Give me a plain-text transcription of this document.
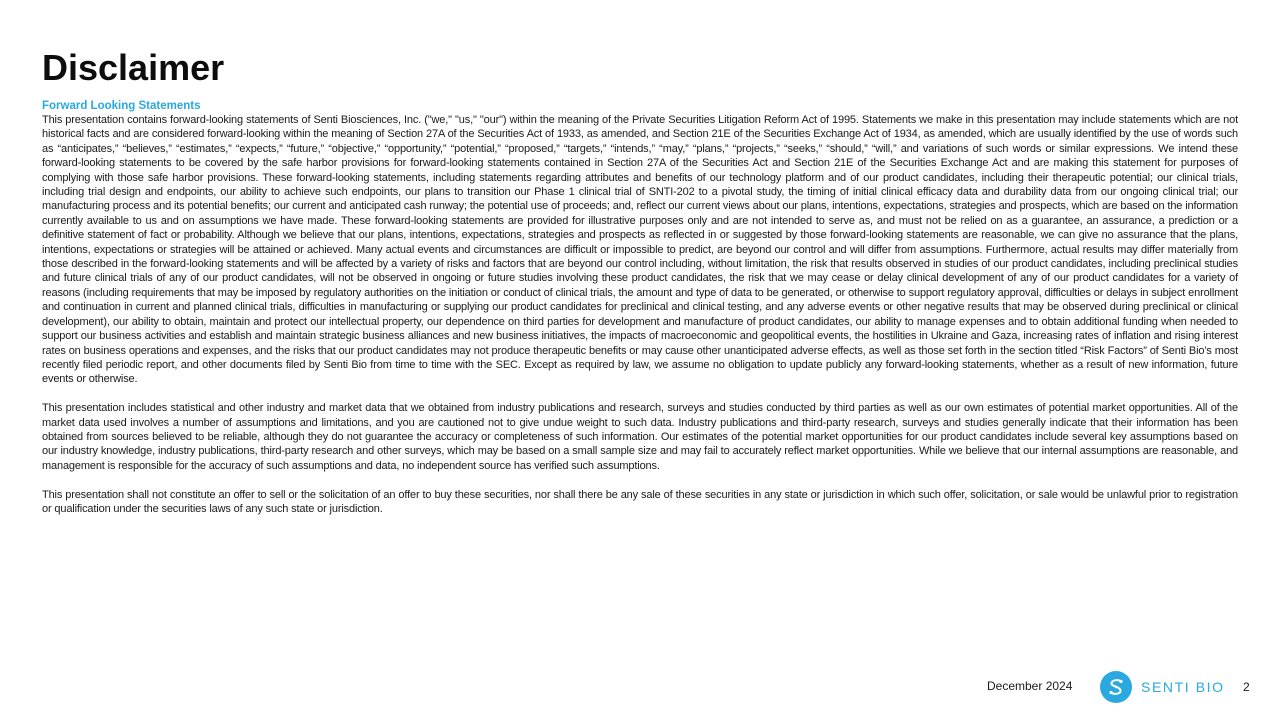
Disclaimer
Forward Looking Statements

This presentation contains forward-looking statements of Senti Biosciences, Inc. ("we," "us," "our") within the meaning of the Private Securities Litigation Reform Act of 1995. Statements we make in this presentation may include statements which are not historical facts and are considered forward-looking within the meaning of Section 27A of the Securities Act of 1933, as amended, and Section 21E of the Securities Exchange Act of 1934, as amended, which are usually identified by the use of words such as “anticipates,” “believes,” “estimates,” “expects,” “future,” “objective,” “opportunity,” “potential,” “proposed,” “targets,” “intends,” “may,” “plans,” “projects,” “seeks,” “should,” “will,” and variations of such words or similar expressions. We intend these forward-looking statements to be covered by the safe harbor provisions for forward-looking statements contained in Section 27A of the Securities Act and Section 21E of the Securities Exchange Act and are making this statement for purposes of complying with those safe harbor provisions. These forward-looking statements, including statements regarding attributes and benefits of our technology platform and of our product candidates, including their therapeutic potential; our clinical trials, including trial design and endpoints, our ability to achieve such endpoints, our plans to transition our Phase 1 clinical trial of SNTI-202 to a pivotal study, the timing of initial clinical efficacy data and durability data from our ongoing clinical trial; our manufacturing process and its potential benefits; our current and anticipated cash runway; the potential use of proceeds; and, reflect our current views about our plans, intentions, expectations, strategies and prospects, which are based on the information currently available to us and on assumptions we have made. These forward-looking statements are provided for illustrative purposes only and are not intended to serve as, and must not be relied on as a guarantee, an assurance, a prediction or a definitive statement of fact or probability. Although we believe that our plans, intentions, expectations, strategies and prospects as reflected in or suggested by those forward-looking statements are reasonable, we can give no assurance that the plans, intentions, expectations or strategies will be attained or achieved. Many actual events and circumstances are difficult or impossible to predict, are beyond our control and will differ from assumptions. Furthermore, actual results may differ materially from those described in the forward-looking statements and will be affected by a variety of risks and factors that are beyond our control including, without limitation, the risk that results observed in studies of our product candidates, including preclinical studies and future clinical trials of any of our product candidates, will not be observed in ongoing or future studies involving these product candidates, the risk that we may cease or delay clinical development of any of our product candidates for a variety of reasons (including requirements that may be imposed by regulatory authorities on the initiation or conduct of clinical trials, the amount and type of data to be generated, or otherwise to support regulatory approval, difficulties or delays in subject enrollment and continuation in current and planned clinical trials, difficulties in manufacturing or supplying our product candidates for preclinical and clinical testing, and any adverse events or other negative results that may be observed during preclinical or clinical development), our ability to obtain, maintain and protect our intellectual property, our dependence on third parties for development and manufacture of product candidates, our ability to manage expenses and to obtain additional funding when needed to support our business activities and establish and maintain strategic business alliances and new business initiatives, the impacts of macroeconomic and geopolitical events, the hostilities in Ukraine and Gaza, increasing rates of inflation and rising interest rates on business operations and expenses, and the risks that our product candidates may not produce therapeutic benefits or may cause other unanticipated adverse effects, as well as those set forth in the section titled “Risk Factors” of Senti Bio’s most recently filed periodic report, and other documents filed by Senti Bio from time to time with the SEC. Except as required by law, we assume no obligation to update publicly any forward-looking statements, whether as a result of new information, future events or otherwise.

This presentation includes statistical and other industry and market data that we obtained from industry publications and research, surveys and studies conducted by third parties as well as our own estimates of potential market opportunities. All of the market data used involves a number of assumptions and limitations, and you are cautioned not to give undue weight to such data. Industry publications and third-party research, surveys and studies generally indicate that their information has been obtained from sources believed to be reliable, although they do not guarantee the accuracy or completeness of such information. Our estimates of the potential market opportunities for our product candidates include several key assumptions based on our industry knowledge, industry publications, third-party research and other surveys, which may be based on a small sample size and may fail to accurately reflect market opportunities. While we believe that our internal assumptions are reasonable, and management is responsible for the accuracy of such assumptions and data, no independent source has verified such assumptions.

This presentation shall not constitute an offer to sell or the solicitation of an offer to buy these securities, nor shall there be any sale of these securities in any state or jurisdiction in which such offer, solicitation, or sale would be unlawful prior to registration or qualification under the securities laws of any such state or jurisdiction.

December 2024	SENTI BIO 2
